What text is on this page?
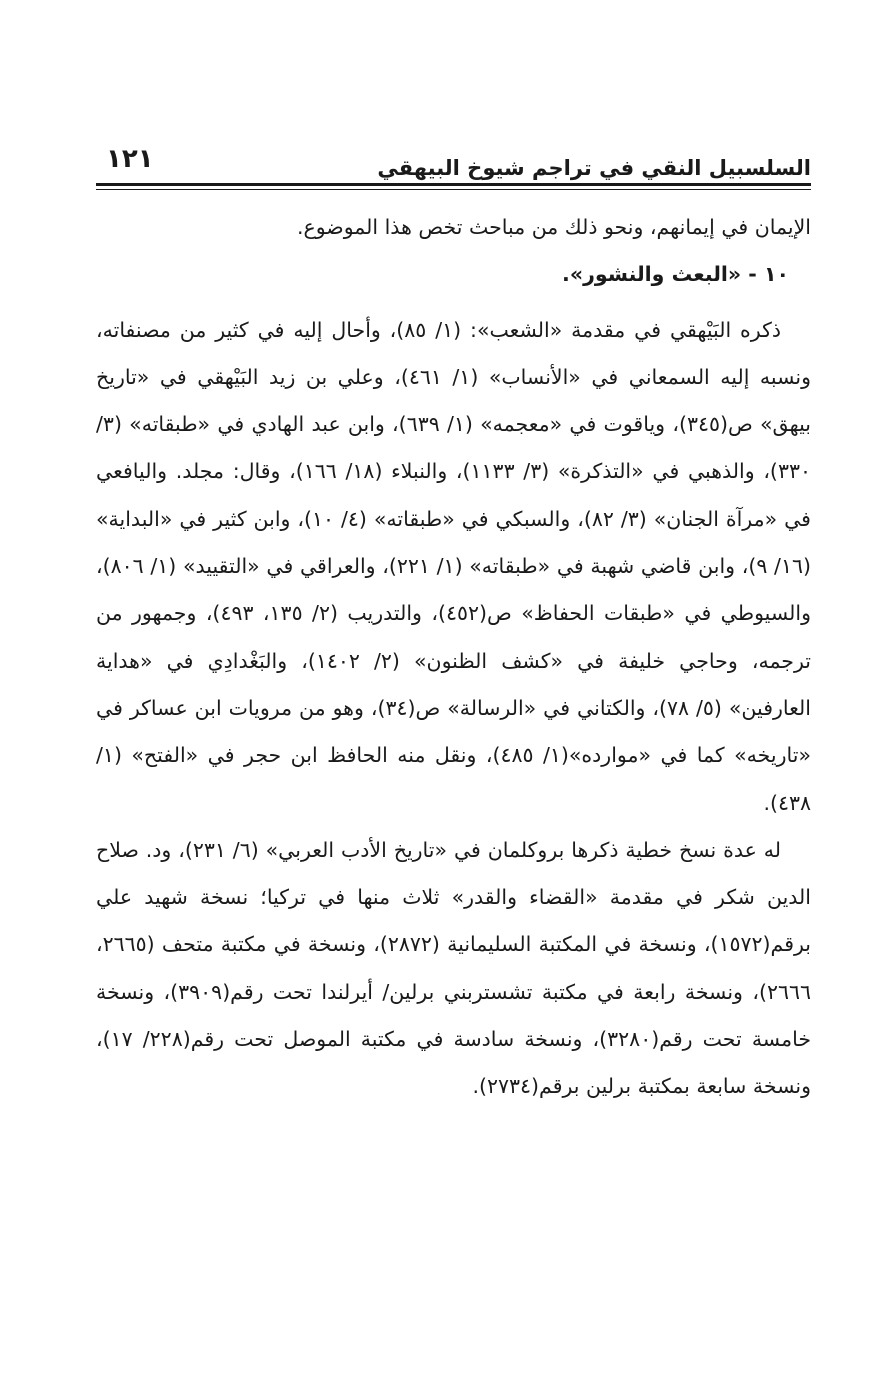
السلسبيل النقي في تراجم شيوخ البيهقي
١٢١

الإيمان في إيمانهم، ونحو ذلك من مباحث تخص هذا الموضوع.

١٠ - «البعث والنشور».

ذكره البَيْهقي في مقدمة «الشعب»: (١/ ٨٥)، وأحال إليه في كثير من مصنفاته، ونسبه إليه السمعاني في «الأنساب» (١/ ٤٦١)، وعلي بن زيد البَيْهقي في «تاريخ بيهق» ص(٣٤٥)، وياقوت في «معجمه» (١/ ٦٣٩)، وابن عبد الهادي في «طبقاته» (٣/ ٣٣٠)، والذهبي في «التذكرة» (٣/ ١١٣٣)، والنبلاء (١٨/ ١٦٦)، وقال: مجلد. واليافعي في «مرآة الجنان» (٣/ ٨٢)، والسبكي في «طبقاته» (٤/ ١٠)، وابن كثير في «البداية» (١٦/ ٩)، وابن قاضي شهبة في «طبقاته» (١/ ٢٢١)، والعراقي في «التقييد» (١/ ٨٠٦)، والسيوطي في «طبقات الحفاظ» ص(٤٥٢)، والتدريب (٢/ ١٣٥، ٤٩٣)، وجمهور من ترجمه، وحاجي خليفة في «كشف الظنون» (٢/ ١٤٠٢)، والبَغْدادِي في «هداية العارفين» (٥/ ٧٨)، والكتاني في «الرسالة» ص(٣٤)، وهو من مرويات ابن عساكر في «تاريخه» كما في «موارده»(١/ ٤٨٥)، ونقل منه الحافظ ابن حجر في «الفتح» (١/ ٤٣٨).

له عدة نسخ خطية ذكرها بروكلمان في «تاريخ الأدب العربي» (٦/ ٢٣١)، ود. صلاح الدين شكر في مقدمة «القضاء والقدر» ثلاث منها في تركيا؛ نسخة شهيد علي برقم(١٥٧٢)، ونسخة في المكتبة السليمانية (٢٨٧٢)، ونسخة في مكتبة متحف (٢٦٦٥، ٢٦٦٦)، ونسخة رابعة في مكتبة تشستربني برلين/ أيرلندا تحت رقم(٣٩٠٩)، ونسخة خامسة تحت رقم(٣٢٨٠)، ونسخة سادسة في مكتبة الموصل تحت رقم(٢٢٨/ ١٧)، ونسخة سابعة بمكتبة برلين برقم(٢٧٣٤).
